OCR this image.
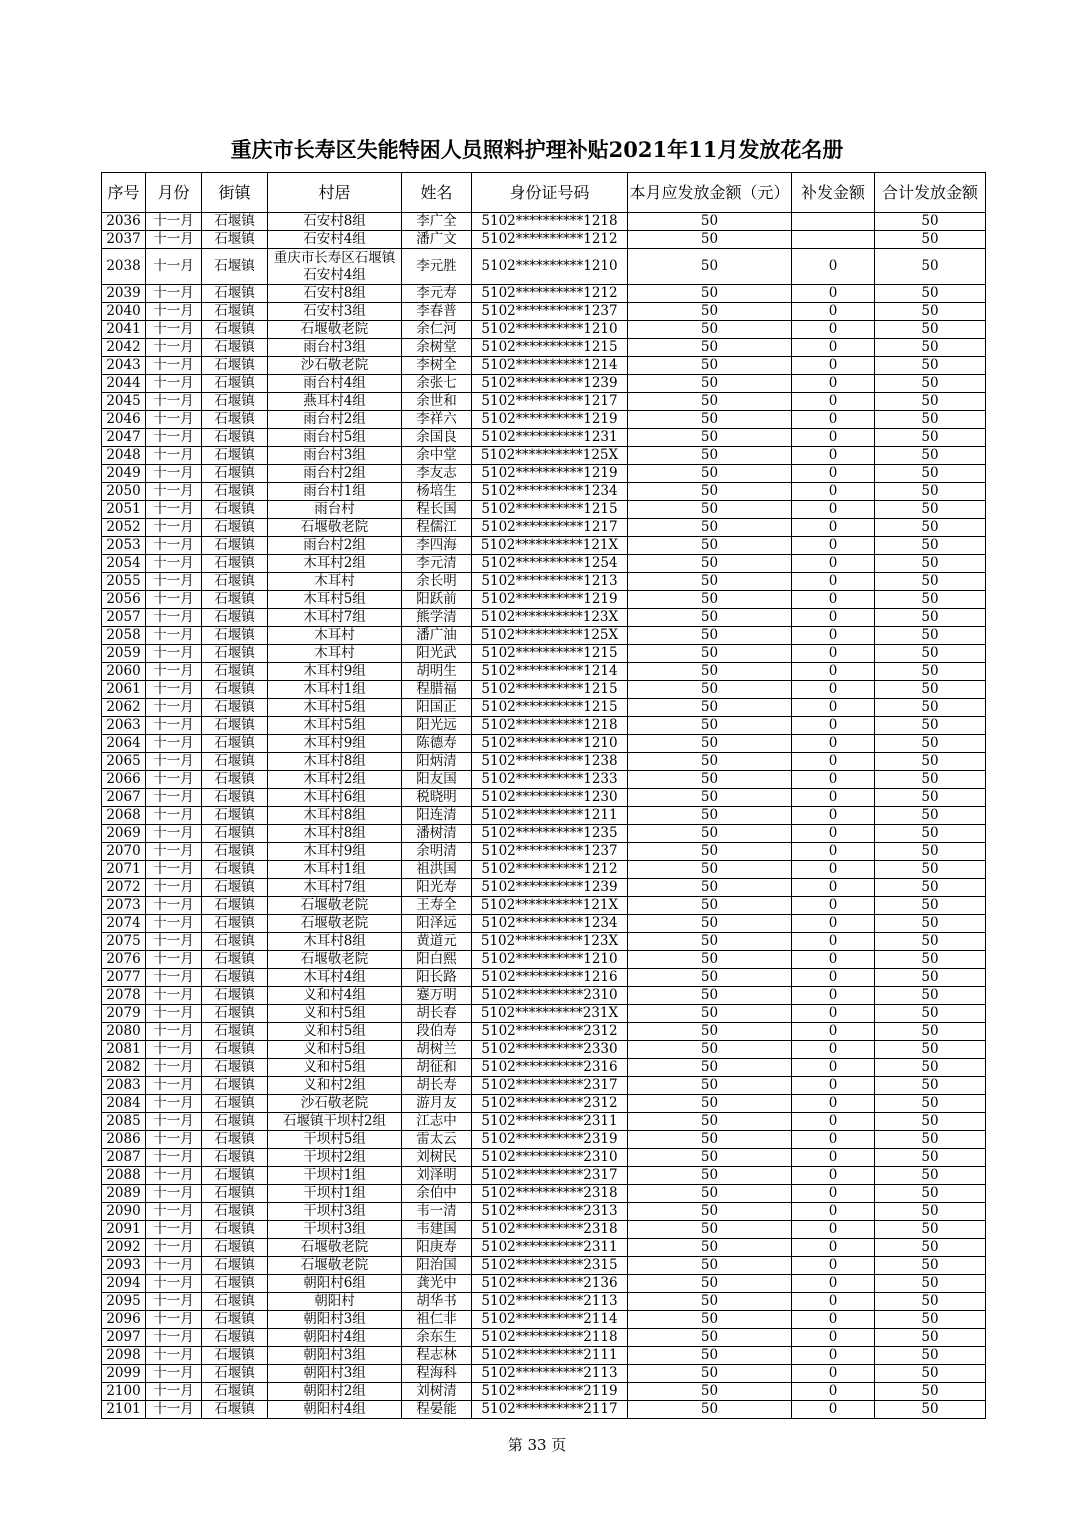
重庆市长寿区失能特困人员照料护理补贴2021年11月发放花名册
序号	月份	街镇	村居	姓名	身份证号码	本月应发放金额（元）	补发金额	合计发放金额
2036	十一月	石堰镇	石安村8组	李广全	5102**********1218	50		50
2037	十一月	石堰镇	石安村4组	潘广文	5102**********1212	50		50
2038	十一月	石堰镇	重庆市长寿区石堰镇石安村4组	李元胜	5102**********1210	50	0	50
2039	十一月	石堰镇	石安村8组	李元寿	5102**********1212	50	0	50
2040	十一月	石堰镇	石安村3组	李春普	5102**********1237	50	0	50
2041	十一月	石堰镇	石堰敬老院	余仁河	5102**********1210	50	0	50
2042	十一月	石堰镇	雨台村3组	余树堂	5102**********1215	50	0	50
2043	十一月	石堰镇	沙石敬老院	李树全	5102**********1214	50	0	50
2044	十一月	石堰镇	雨台村4组	余张七	5102**********1239	50	0	50
2045	十一月	石堰镇	燕耳村4组	余世和	5102**********1217	50	0	50
2046	十一月	石堰镇	雨台村2组	李祥六	5102**********1219	50	0	50
2047	十一月	石堰镇	雨台村5组	余国良	5102**********1231	50	0	50
2048	十一月	石堰镇	雨台村3组	余中堂	5102**********125X	50	0	50
2049	十一月	石堰镇	雨台村2组	李友志	5102**********1219	50	0	50
2050	十一月	石堰镇	雨台村1组	杨培生	5102**********1234	50	0	50
2051	十一月	石堰镇	雨台村	程长国	5102**********1215	50	0	50
2052	十一月	石堰镇	石堰敬老院	程儒江	5102**********1217	50	0	50
2053	十一月	石堰镇	雨台村2组	李四海	5102**********121X	50	0	50
2054	十一月	石堰镇	木耳村2组	李元清	5102**********1254	50	0	50
2055	十一月	石堰镇	木耳村	余长明	5102**********1213	50	0	50
2056	十一月	石堰镇	木耳村5组	阳跃前	5102**********1219	50	0	50
2057	十一月	石堰镇	木耳村7组	熊学清	5102**********123X	50	0	50
2058	十一月	石堰镇	木耳村	潘广油	5102**********125X	50	0	50
2059	十一月	石堰镇	木耳村	阳光武	5102**********1215	50	0	50
2060	十一月	石堰镇	木耳村9组	胡明生	5102**********1214	50	0	50
2061	十一月	石堰镇	木耳村1组	程腊福	5102**********1215	50	0	50
2062	十一月	石堰镇	木耳村5组	阳国正	5102**********1215	50	0	50
2063	十一月	石堰镇	木耳村5组	阳光远	5102**********1218	50	0	50
2064	十一月	石堰镇	木耳村9组	陈德寿	5102**********1210	50	0	50
2065	十一月	石堰镇	木耳村8组	阳炳清	5102**********1238	50	0	50
2066	十一月	石堰镇	木耳村2组	阳友国	5102**********1233	50	0	50
2067	十一月	石堰镇	木耳村6组	税晓明	5102**********1230	50	0	50
2068	十一月	石堰镇	木耳村8组	阳连清	5102**********1211	50	0	50
2069	十一月	石堰镇	木耳村8组	潘树清	5102**********1235	50	0	50
2070	十一月	石堰镇	木耳村9组	余明清	5102**********1237	50	0	50
2071	十一月	石堰镇	木耳村1组	祖洪国	5102**********1212	50	0	50
2072	十一月	石堰镇	木耳村7组	阳光寿	5102**********1239	50	0	50
2073	十一月	石堰镇	石堰敬老院	王寿全	5102**********121X	50	0	50
2074	十一月	石堰镇	石堰敬老院	阳泽远	5102**********1234	50	0	50
2075	十一月	石堰镇	木耳村8组	黄道元	5102**********123X	50	0	50
2076	十一月	石堰镇	石堰敬老院	阳白熙	5102**********1210	50	0	50
2077	十一月	石堰镇	木耳村4组	阳长路	5102**********1216	50	0	50
2078	十一月	石堰镇	义和村4组	蹇万明	5102**********2310	50	0	50
2079	十一月	石堰镇	义和村5组	胡长春	5102**********231X	50	0	50
2080	十一月	石堰镇	义和村5组	段伯寿	5102**********2312	50	0	50
2081	十一月	石堰镇	义和村5组	胡树兰	5102**********2330	50	0	50
2082	十一月	石堰镇	义和村5组	胡征和	5102**********2316	50	0	50
2083	十一月	石堰镇	义和村2组	胡长寿	5102**********2317	50	0	50
2084	十一月	石堰镇	沙石敬老院	游月友	5102**********2312	50	0	50
2085	十一月	石堰镇	石堰镇干坝村2组	江志中	5102**********2311	50	0	50
2086	十一月	石堰镇	干坝村5组	雷太云	5102**********2319	50	0	50
2087	十一月	石堰镇	干坝村2组	刘树民	5102**********2310	50	0	50
2088	十一月	石堰镇	干坝村1组	刘泽明	5102**********2317	50	0	50
2089	十一月	石堰镇	干坝村1组	余伯中	5102**********2318	50	0	50
2090	十一月	石堰镇	干坝村3组	韦一清	5102**********2313	50	0	50
2091	十一月	石堰镇	干坝村3组	韦建国	5102**********2318	50	0	50
2092	十一月	石堰镇	石堰敬老院	阳庚寿	5102**********2311	50	0	50
2093	十一月	石堰镇	石堰敬老院	阳治国	5102**********2315	50	0	50
2094	十一月	石堰镇	朝阳村6组	龚光中	5102**********2136	50	0	50
2095	十一月	石堰镇	朝阳村	胡华书	5102**********2113	50	0	50
2096	十一月	石堰镇	朝阳村3组	祖仁非	5102**********2114	50	0	50
2097	十一月	石堰镇	朝阳村4组	余东生	5102**********2118	50	0	50
2098	十一月	石堰镇	朝阳村3组	程志林	5102**********2111	50	0	50
2099	十一月	石堰镇	朝阳村3组	程海科	5102**********2113	50	0	50
2100	十一月	石堰镇	朝阳村2组	刘树清	5102**********2119	50	0	50
2101	十一月	石堰镇	朝阳村4组	程晏能	5102**********2117	50	0	50
第 33 页
